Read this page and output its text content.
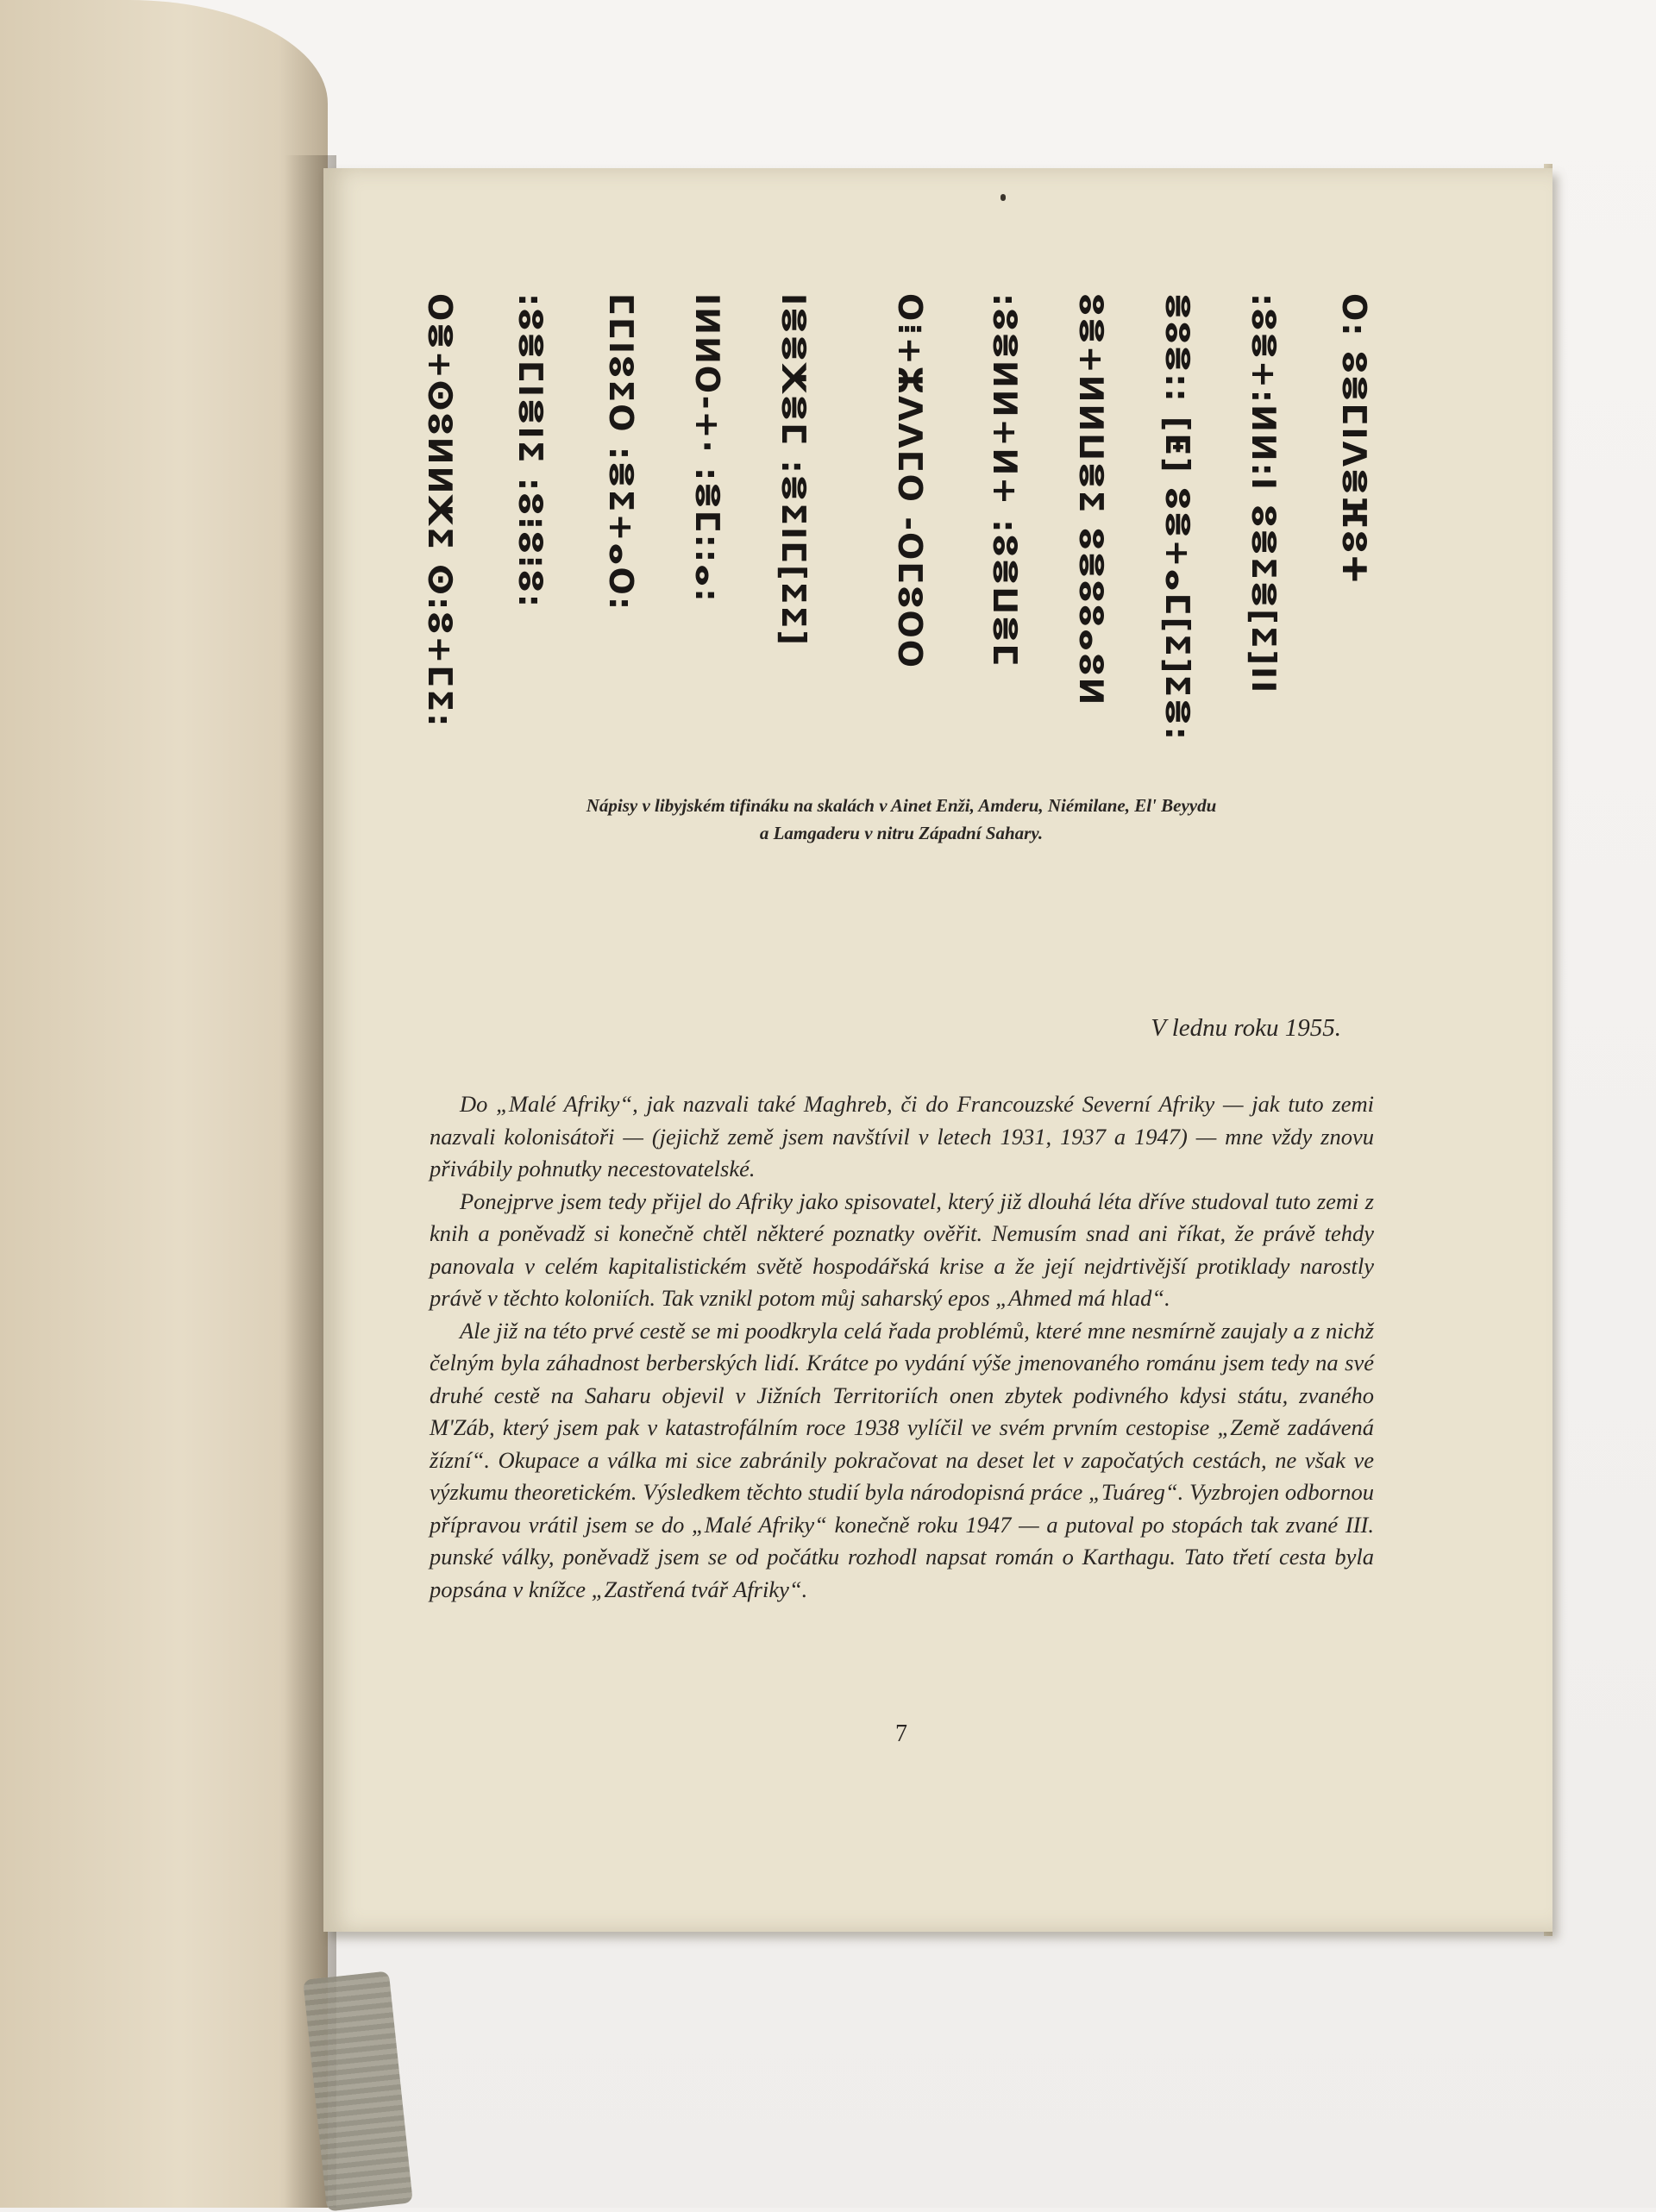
O: ⵓⴻⵎⵏⴷⴻⴼⵓⵜ
:ⵓⴻ+:ⵍⵍ:ⵏ ⵓⴻⵉⴻ[ⵉ]ⵏⵏ
ⴻⵓⴻ:: [ⵟ] ⵓⴻ+ⴰⵎ[ⵉ]ⵉⴻ:
ⵓⴻ+ⵍⵍⵡⴻⵉ ⵓⴻⵓⵓⴰⵓⵍ
:ⵓⴻⵍⵍ+ⵍ+ :ⵓⴻⵡⴻⵎ
O⁞+ⵣⴷⴷⵎO -OⵎⵓOO
ⵏⴻⴻⵅⴻⵎ :ⴻⵉⵏⵎ[ⵉⵉ]
ⵏⵍⵍO-+· :ⴻⵎ::ⴰ:
ⵎⵎⵏⵓⵉO :ⴻⵉ+ⴰO:
:ⵓⴻⵎⵏⴻⵏⵉ :ⵓ⁝ⵓ⁝ⵓ:
Oⴻ+ⵙⵓⵍⵍⵅⵉ ⵙ:ⵓ+ⵎⵉ:
Nápisy v libyjském tifináku na skalách v Ainet Enži, Amderu, Niémilane, El' Beyydu
a Lamgaderu v nitru Západní Sahary.
V lednu roku 1955.

Do „Malé Afriky“, jak nazvali také Maghreb, či do Francouzské Severní Afriky — jak tuto zemi nazvali kolonisátoři — (jejichž země jsem navštívil v letech 1931, 1937 a 1947) — mne vždy znovu přivábily pohnutky necestovatelské.

Ponejprve jsem tedy přijel do Afriky jako spisovatel, který již dlouhá léta dříve studoval tuto zemi z knih a poněvadž si konečně chtěl některé poznatky ověřit. Nemusím snad ani říkat, že právě tehdy panovala v celém kapitalistickém světě hospodářská krise a že její nejdrtivější protiklady narostly právě v těchto koloniích. Tak vznikl potom můj saharský epos „Ahmed má hlad“.

Ale již na této prvé cestě se mi poodkryla celá řada problémů, které mne nesmírně zaujaly a z nichž čelným byla záhadnost berberských lidí. Krátce po vydání výše jmenovaného románu jsem tedy na své druhé cestě na Saharu objevil v Jižních Territoriích onen zbytek podivného kdysi státu, zvaného M'Záb, který jsem pak v katastrofálním roce 1938 vylíčil ve svém prvním cestopise „Země zadávená žízní“. Okupace a válka mi sice zabránily pokračovat na deset let v započatých cestách, ne však ve výzkumu theoretickém. Výsledkem těchto studií byla národopisná práce „Tuáreg“. Vyzbrojen odbornou přípravou vrátil jsem se do „Malé Afriky“ konečně roku 1947 — a putoval po stopách tak zvané III. punské války, poněvadž jsem se od počátku rozhodl napsat román o Karthagu. Tato třetí cesta byla popsána v knížce „Zastřená tvář Afriky“.

7
